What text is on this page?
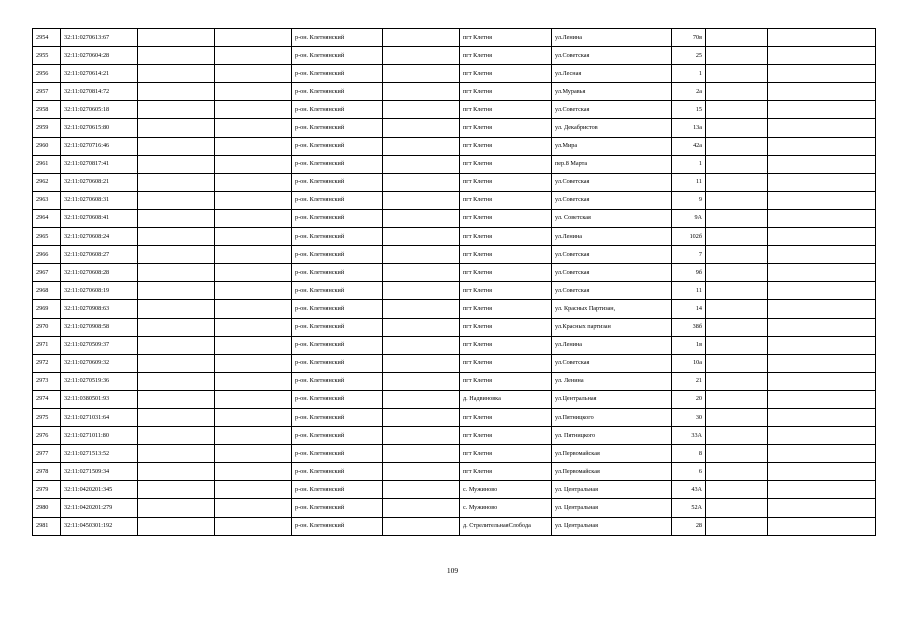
2954	32:11:0270613:67			р-он. Клетнянский		пгт Клетня	ул.Ленина	70в		
2955	32:11:0270604:28			р-он. Клетнянский		пгт Клетня	ул.Советская	25		
2956	32:11:0270614:21			р-он. Клетнянский		пгт Клетня	ул.Лесная	1		
2957	32:11:0270814:72			р-он. Клетнянский		пгт Клетня	ул.Муравья	2а		
2958	32:11:0270605:18			р-он. Клетнянский		пгт Клетня	ул.Советская	15		
2959	32:11:0270615:80			р-он. Клетнянский		пгт Клетня	ул. Декабристов	13а		
2960	32:11:0270716:46			р-он. Клетнянский		пгт Клетня	ул.Мира	42а		
2961	32:11:0270817:41			р-он. Клетнянский		пгт Клетня	пер.8 Марта	1		
2962	32:11:0270608:21			р-он. Клетнянский		пгт Клетня	ул.Советская	11		
2963	32:11:0270608:31			р-он. Клетнянский		пгт Клетня	ул.Советская	9		
2964	32:11:0270608:41			р-он. Клетнянский		пгт Клетня	ул. Советская	9А		
2965	32:11:0270608:24			р-он. Клетнянский		пгт Клетня	ул.Ленина	102б		
2966	32:11:0270608:27			р-он. Клетнянский		пгт Клетня	ул.Советская	7		
2967	32:11:0270608:28			р-он. Клетнянский		пгт Клетня	ул.Советская	9б		
2968	32:11:0270608:19			р-он. Клетнянский		пгт Клетня	ул.Советская	11		
2969	32:11:0270908:63			р-он. Клетнянский		пгт Клетня	ул. Красных Партизан,	14		
2970	32:11:0270908:58			р-он. Клетнянский		пгт Клетня	ул.Красных партизан	38б		
2971	32:11:0270509:37			р-он. Клетнянский		пгт Клетня	ул.Ленина	1в		
2972	32:11:0270609:32			р-он. Клетнянский		пгт Клетня	ул.Советская	10а		
2973	32:11:0270519:36			р-он. Клетнянский		пгт Клетня	ул. Ленина	21		
2974	32:11:0380501:93			р-он. Клетнянский		д. Надвиновка	ул.Центральная	20		
2975	32:11:0271031:64			р-он. Клетнянский		пгт Клетня	ул.Пятницкого	30		
2976	32:11:0271011:80			р-он. Клетнянский		пгт Клетня	ул. Пятницкого	33А		
2977	32:11:0271513:52			р-он. Клетнянский		пгт Клетня	ул.Первомайская	8		
2978	32:11:0271509:34			р-он. Клетнянский		пгт Клетня	ул.Первомайская	6		
2979	32:11:0420201:345			р-он. Клетнянский		с. Мужиново	ул. Центральная	43А		
2980	32:11:0420201:279			р-он. Клетнянский		с. Мужиново	ул. Центральная	52А		
2981	32:11:0450301:192			р-он. Клетнянский		д. СтрелительнаяСлобода	ул. Центральная	28		
109
